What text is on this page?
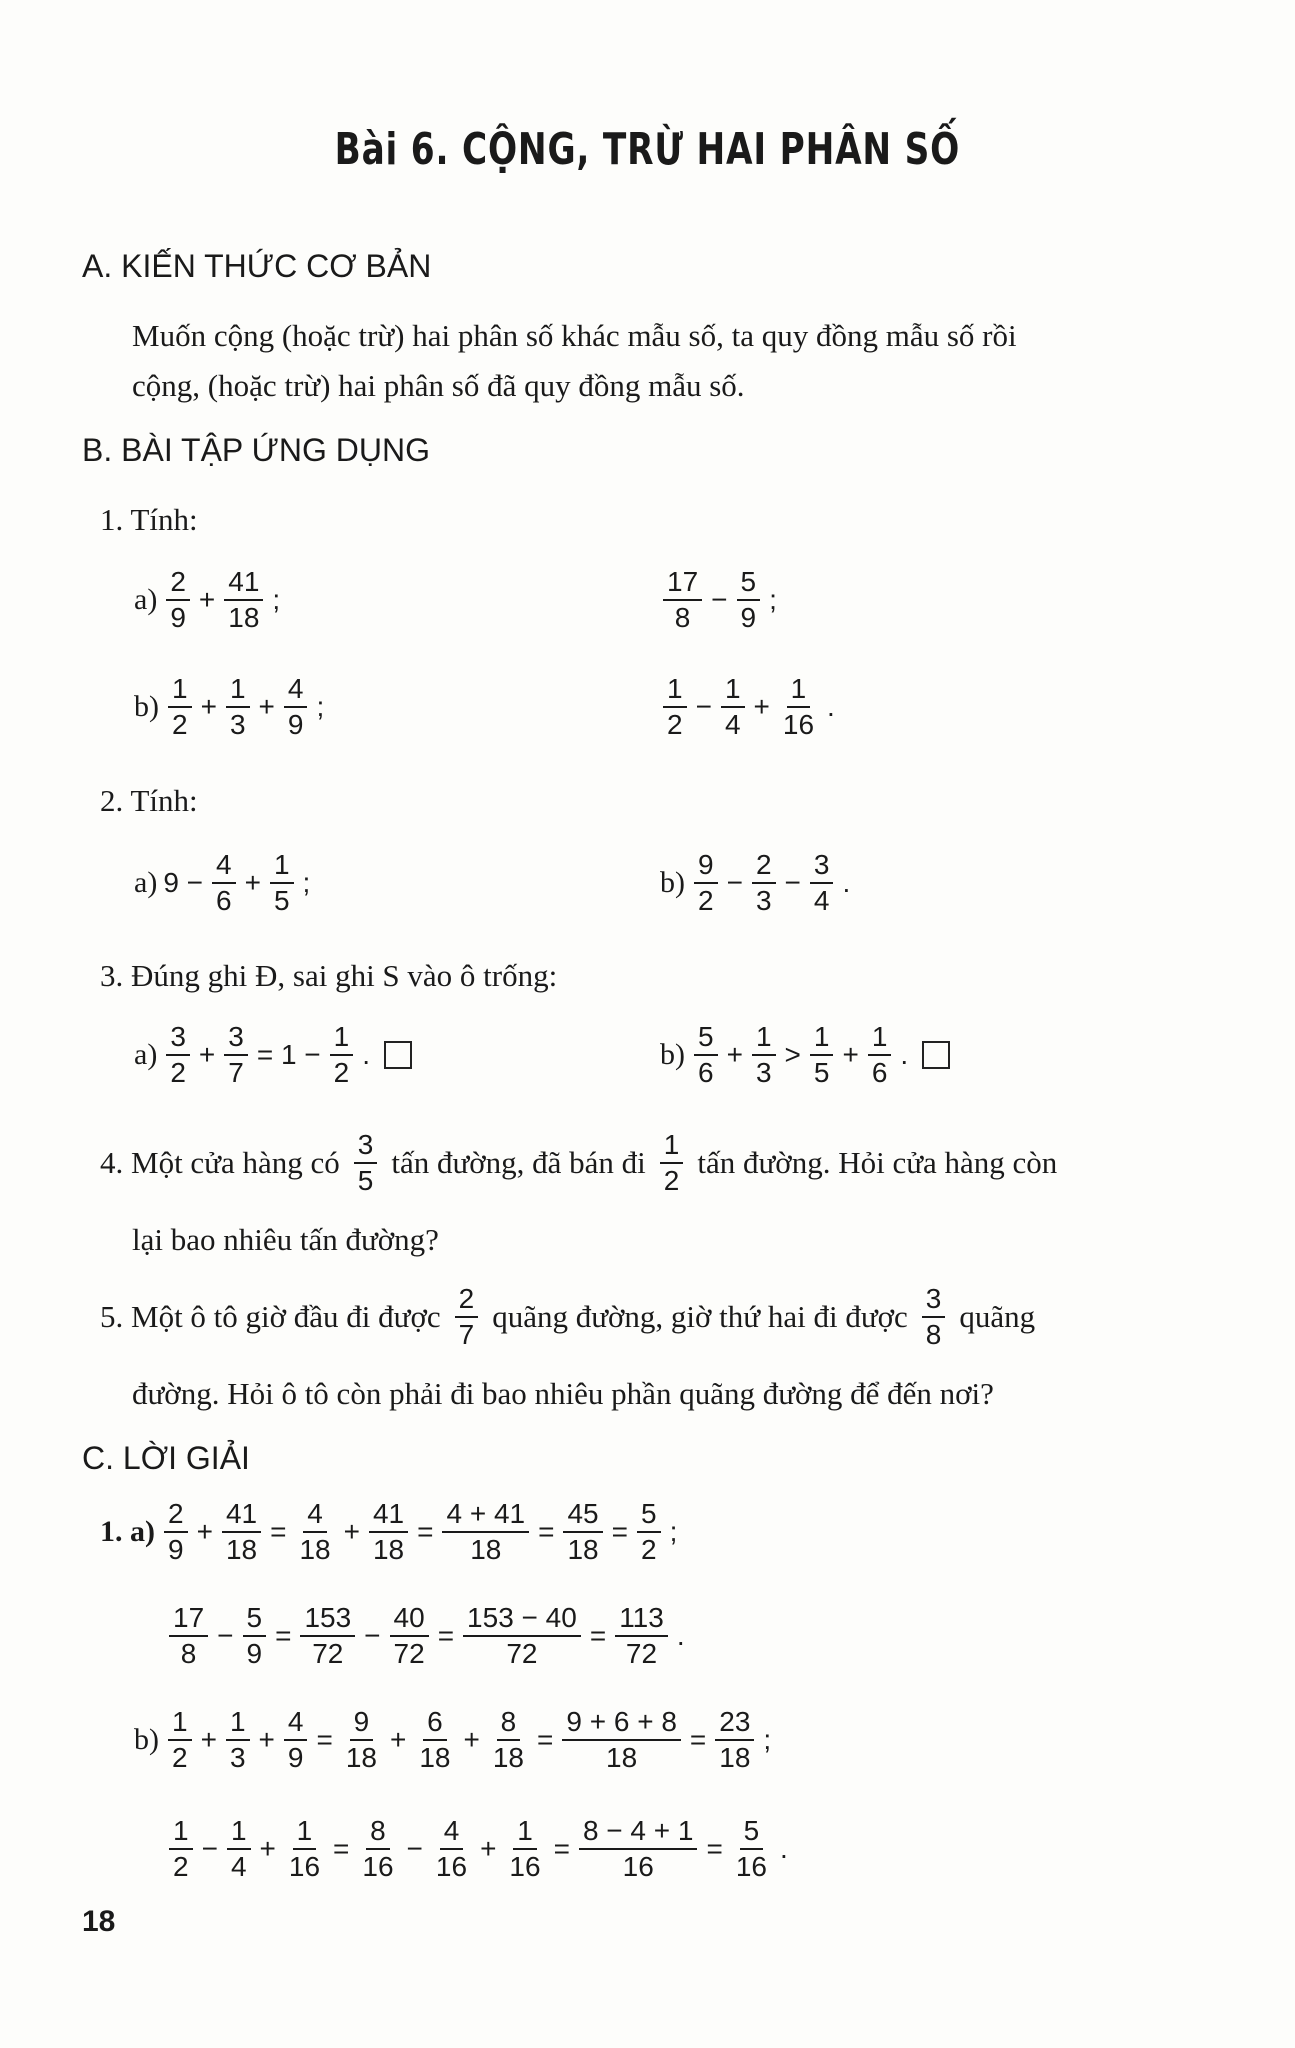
Bài 6. CỘNG, TRỪ HAI PHÂN SỐ
A. KIẾN THỨC CƠ BẢN
Muốn cộng (hoặc trừ) hai phân số khác mẫu số, ta quy đồng mẫu số rồi
cộng, (hoặc trừ) hai phân số đã quy đồng mẫu số.
B. BÀI TẬP ỨNG DỤNG
1. Tính:
$a) \frac{2}{9} + \frac{41}{18}$ ;	$\frac{17}{8} - \frac{5}{9}$ ;
$b) \frac{1}{2} + \frac{1}{3} + \frac{4}{9}$ ;	$\frac{1}{2} - \frac{1}{4} + \frac{1}{16}$ .
2. Tính:
a) $9 - \frac{4}{6} + \frac{1}{5}$ ;	$b) \frac{9}{2} - \frac{2}{3} - \frac{3}{4}$ .
3. Đúng ghi Đ, sai ghi S vào ô trống:
$a) \frac{3}{2} + \frac{3}{7} = 1 - \frac{1}{2}$ .	$b) \frac{5}{6} + \frac{1}{3} > \frac{1}{5} + \frac{1}{6}$ .
4. Một cửa hàng có $\frac{3}{5}$ tấn đường, đã bán đi $\frac{1}{2}$ tấn đường. Hỏi cửa hàng còn
lại bao nhiêu tấn đường?
5. Một ô tô giờ đầu đi được $\frac{2}{7}$ quãng đường, giờ thứ hai đi được $\frac{3}{8}$ quãng
đường. Hỏi ô tô còn phải đi bao nhiêu phần quãng đường để đến nơi?
C. LỜI GIẢI
1. $a) \frac{2}{9} + \frac{41}{18} = \frac{4}{18} + \frac{41}{18} = \frac{4 + 41}{18} = \frac{45}{18} = \frac{5}{2}$ ;
$\frac{17}{8} - \frac{5}{9} = \frac{153}{72} - \frac{40}{72} = \frac{153 - 40}{72} = \frac{113}{72}$ .
$b) \frac{1}{2} + \frac{1}{3} + \frac{4}{9} = \frac{9}{18} + \frac{6}{18} + \frac{8}{18} = \frac{9 + 6 + 8}{18} = \frac{23}{18}$ ;
$\frac{1}{2} - \frac{1}{4} + \frac{1}{16} = \frac{8}{16} - \frac{4}{16} + \frac{1}{16} = \frac{8 - 4 + 1}{16} = \frac{5}{16}$ .
18
